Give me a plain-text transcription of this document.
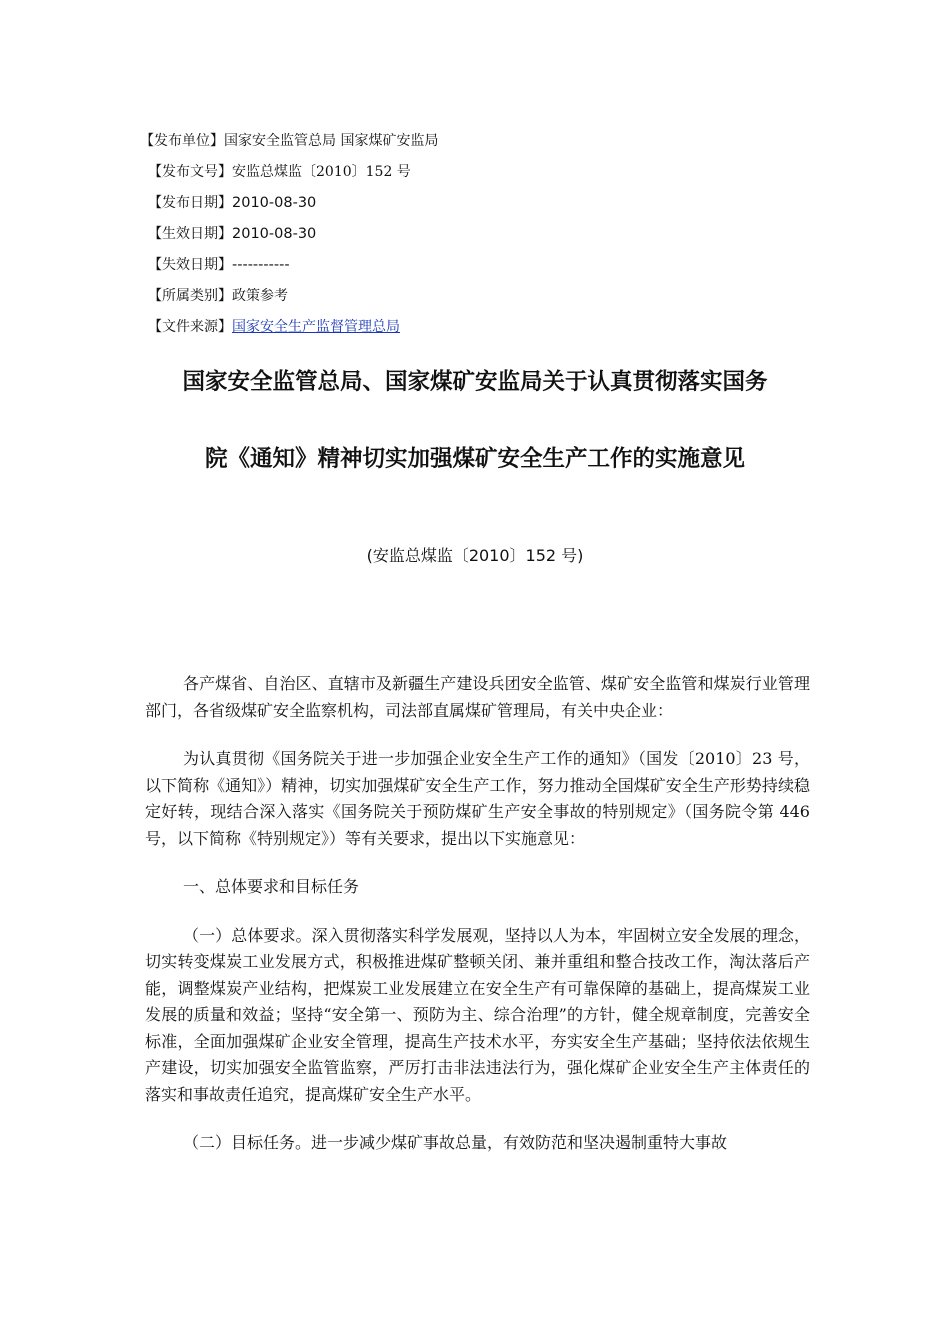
【发布单位】国家安全监管总局 国家煤矿安监局
【发布文号】安监总煤监〔2010〕152 号
【发布日期】2010-08-30
【生效日期】2010-08-30
【失效日期】-----------
【所属类别】政策参考
【文件来源】国家安全生产监督管理总局
国家安全监管总局、国家煤矿安监局关于认真贯彻落实国务
院《通知》精神切实加强煤矿安全生产工作的实施意见
(安监总煤监〔2010〕152 号)

各产煤省、自治区、直辖市及新疆生产建设兵团安全监管、煤矿安全监管和煤炭行业管理部门，各省级煤矿安全监察机构，司法部直属煤矿管理局，有关中央企业：

为认真贯彻《国务院关于进一步加强企业安全生产工作的通知》（国发〔2010〕23 号，以下简称《通知》）精神，切实加强煤矿安全生产工作，努力推动全国煤矿安全生产形势持续稳定好转，现结合深入落实《国务院关于预防煤矿生产安全事故的特别规定》（国务院令第 446 号，以下简称《特别规定》）等有关要求，提出以下实施意见：

一、总体要求和目标任务

（一）总体要求。深入贯彻落实科学发展观，坚持以人为本，牢固树立安全发展的理念，切实转变煤炭工业发展方式，积极推进煤矿整顿关闭、兼并重组和整合技改工作，淘汰落后产能，调整煤炭产业结构，把煤炭工业发展建立在安全生产有可靠保障的基础上，提高煤炭工业发展的质量和效益；坚持“安全第一、预防为主、综合治理”的方针，健全规章制度，完善安全标准，全面加强煤矿企业安全管理，提高生产技术水平，夯实安全生产基础；坚持依法依规生产建设，切实加强安全监管监察，严厉打击非法违法行为，强化煤矿企业安全生产主体责任的落实和事故责任追究，提高煤矿安全生产水平。

（二）目标任务。进一步减少煤矿事故总量，有效防范和坚决遏制重特大事故
